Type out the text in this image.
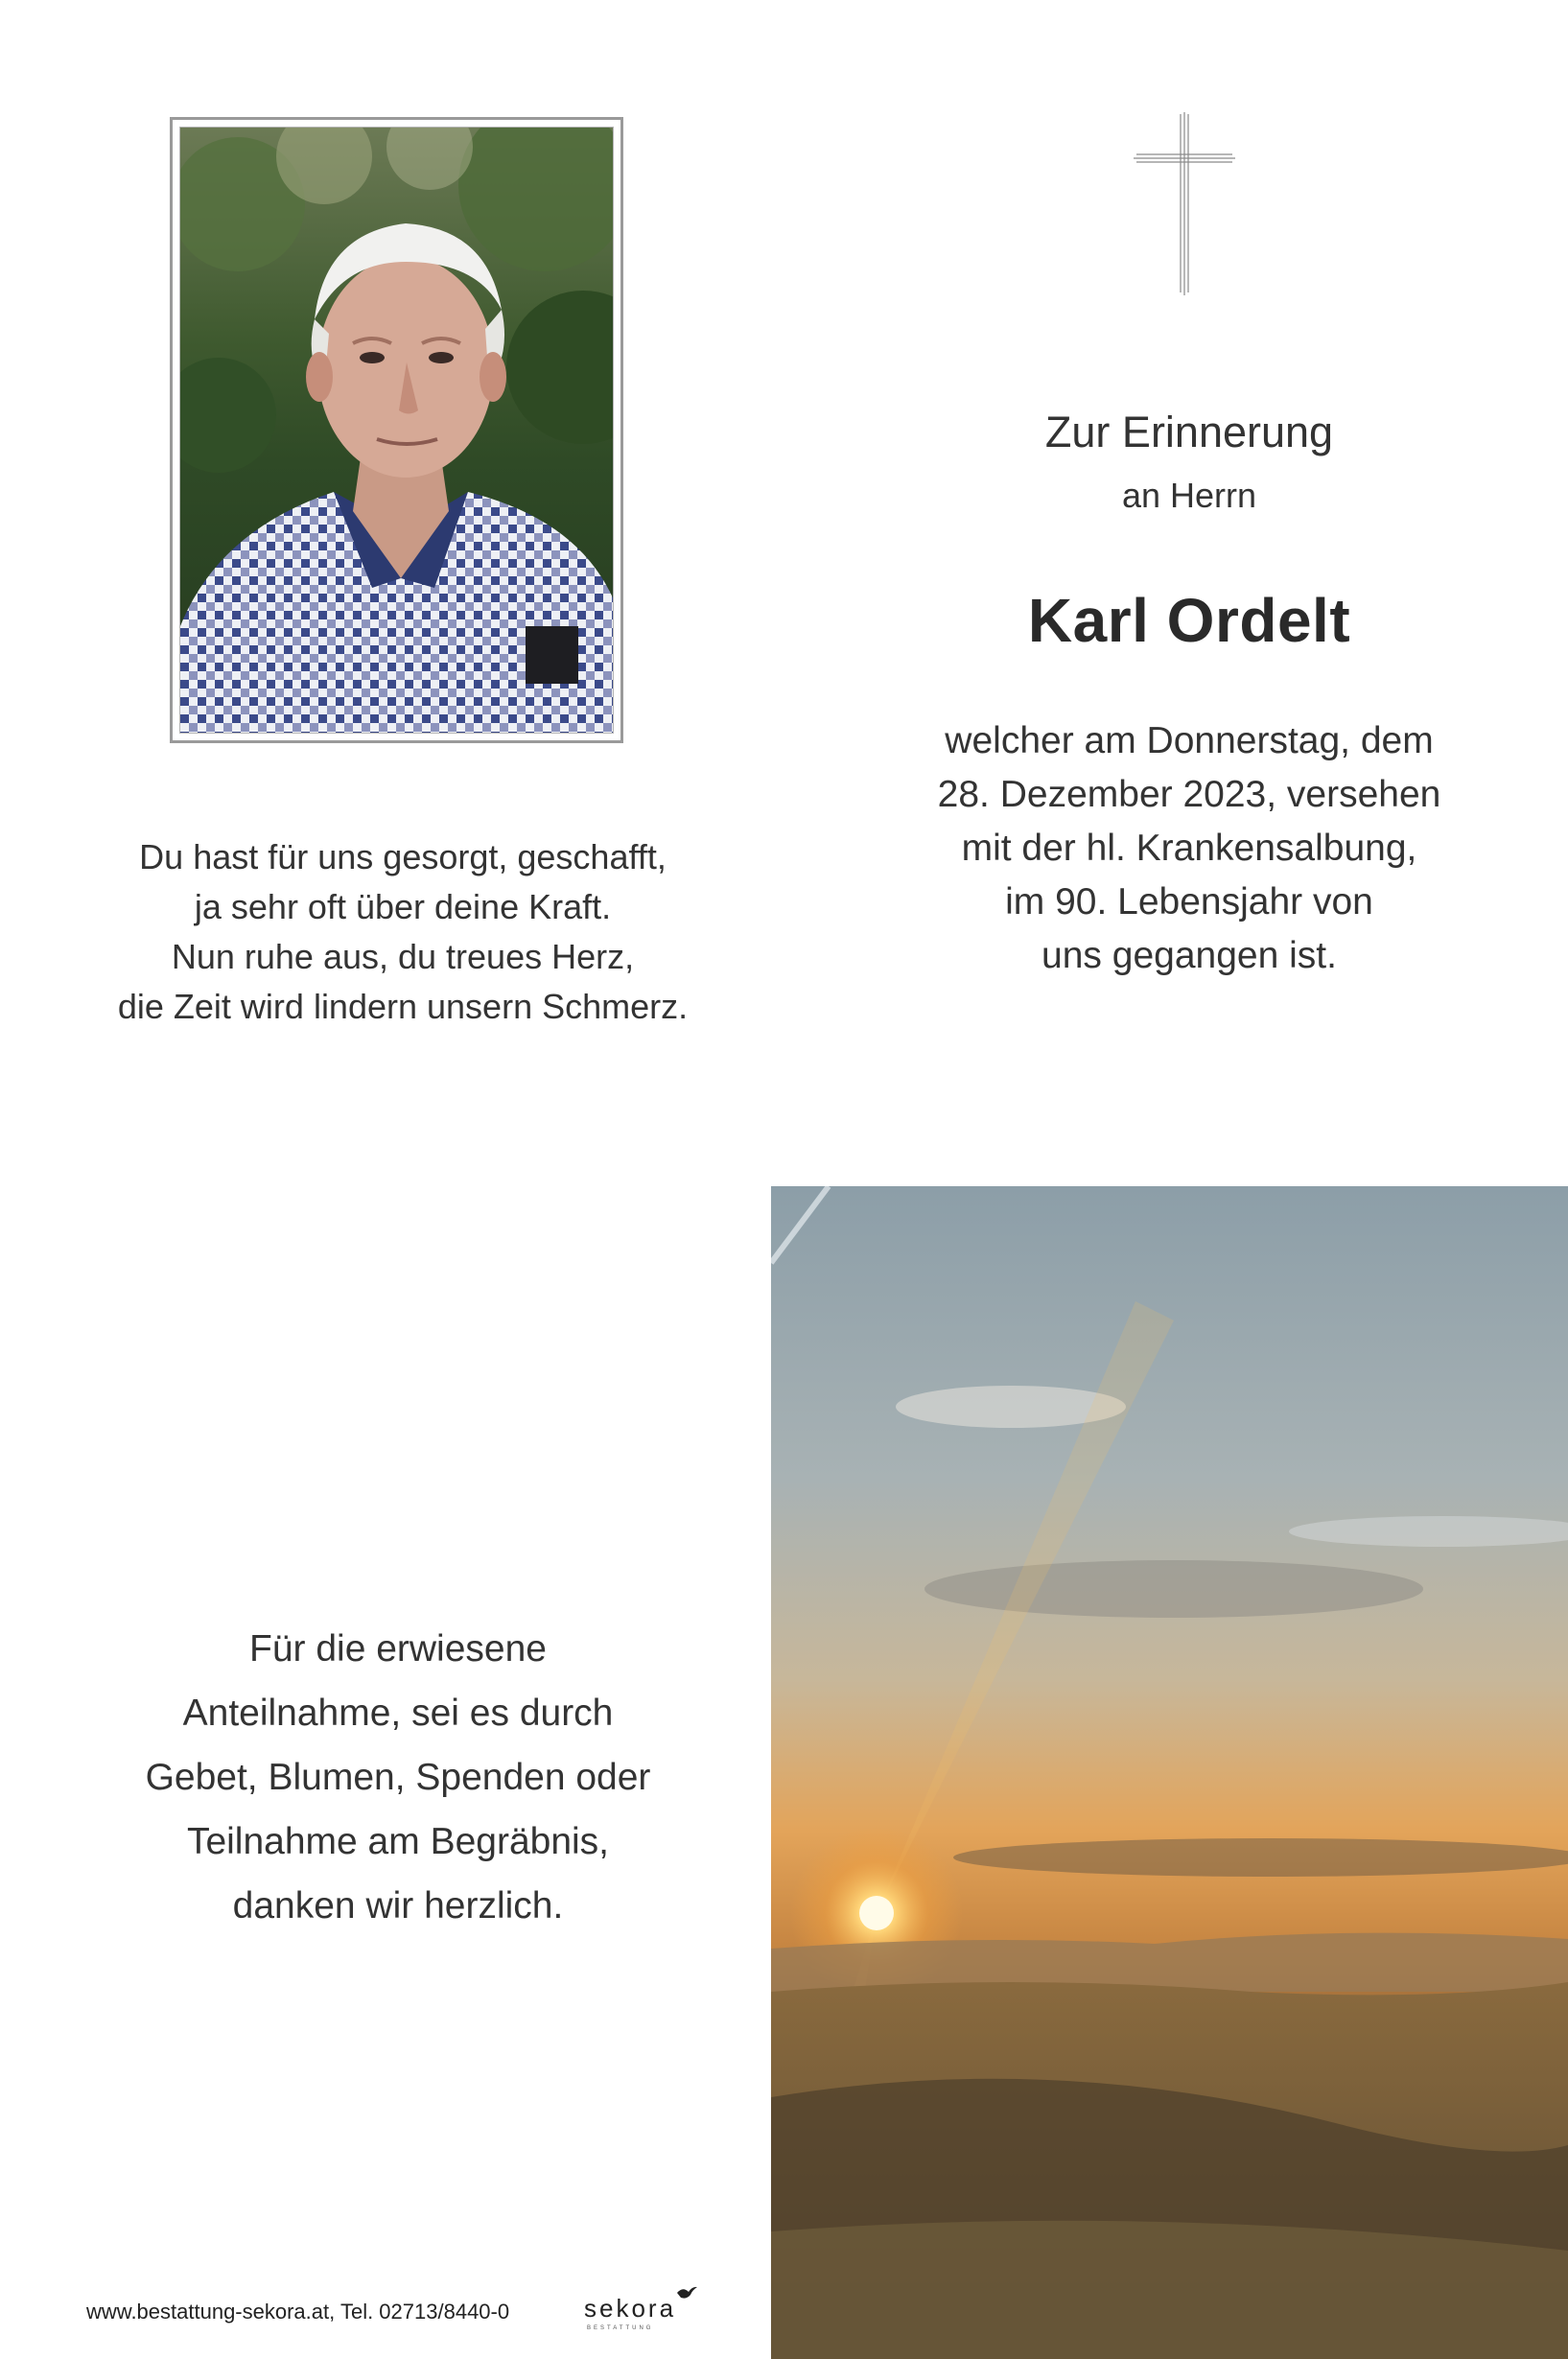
Zur Erinnerung
an Herrn
Karl Ordelt
welcher am Donnerstag, dem
28. Dezember 2023, versehen
mit der hl. Krankensalbung,
im 90. Lebensjahr von
uns gegangen ist.
Du hast für uns gesorgt, geschafft,
ja sehr oft über deine Kraft.
Nun ruhe aus, du treues Herz,
die Zeit wird lindern unsern Schmerz.
Für die erwiesene
Anteilnahme, sei es durch
Gebet, Blumen, Spenden oder
Teilnahme am Begräbnis,
danken wir herzlich.
www.bestattung-sekora.at, Tel. 02713/8440-0	sekora
BESTATTUNG
